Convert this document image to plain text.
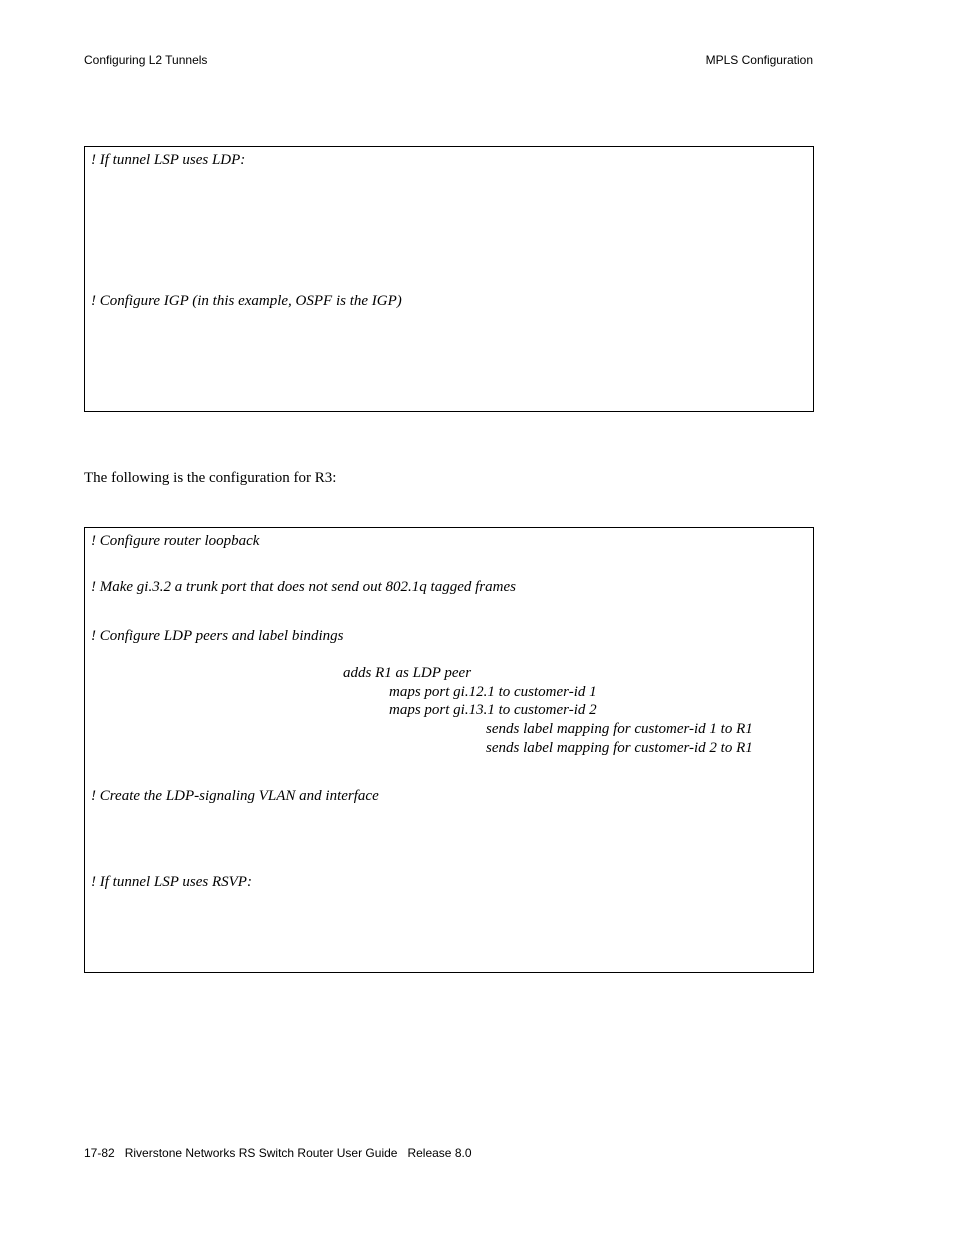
Configuring L2 Tunnels	MPLS Configuration
! If tunnel LSP uses LDP:
! Configure IGP (in this example, OSPF is the IGP)
The following is the configuration for R3:
! Configure router loopback
! Make gi.3.2 a trunk port that does not send out 802.1q tagged frames
! Configure LDP peers and label bindings
adds R1 as LDP peer
maps port gi.12.1 to customer-id 1
maps port gi.13.1 to customer-id 2
sends label mapping for customer-id 1 to R1
sends label mapping for customer-id 2 to R1
! Create the LDP-signaling VLAN and interface
! If tunnel LSP uses RSVP:
17-82   Riverstone Networks RS Switch Router User Guide   Release 8.0
